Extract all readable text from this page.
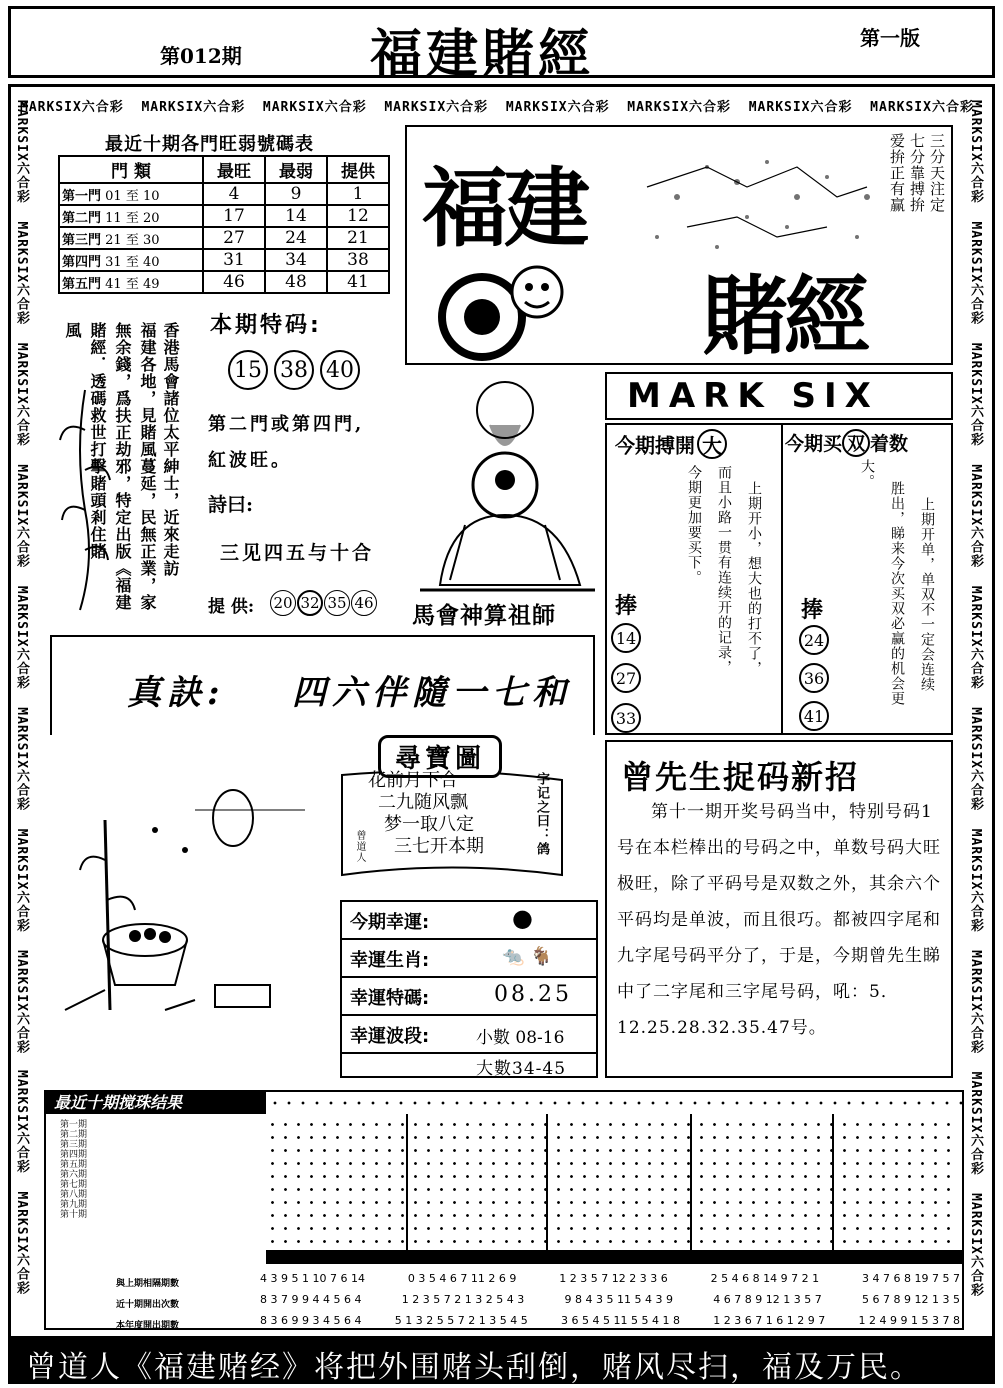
第012期 福建賭經	第一版
MARKSIX六合彩 MARKSIX六合彩 MARKSIX六合彩 MARKSIX六合彩 MARKSIX六合彩 MARKSIX六合彩 MARKSIX六合彩 MARKSIX六合彩
MARKSIX六合彩  MARKSIX六合彩  MARKSIX六合彩  MARKSIX六合彩  MARKSIX六合彩  MARKSIX六合彩  MARKSIX六合彩  MARKSIX六合彩
MARKSIX六合彩  MARKSIX六合彩  MARKSIX六合彩  MARKSIX六合彩  MARKSIX六合彩  MARKSIX六合彩  MARKSIX六合彩  MARKSIX六合彩  MARKSIX六合彩  MARKSIX六合彩
MARKSIX六合彩  MARKSIX六合彩
最近十期各門旺弱號碼表
門 類	最旺	最弱	提供
第一門 01 至 10	4	9	1
第二門 11 至 20	17	14	12
第三門 21 至 30	27	24	21
第四門 31 至 40	31	34	38
第五門 41 至 49	46	48	41
福建
賭經
三分天注定
七分靠搏拚
爱拚正有赢
香港馬會諸位太平紳士，近來走訪
福建各地，見賭風蔓延，民無正業，家
無余錢，爲扶正劫邪，特定出版《福建
賭經．透碼救世打擊賭頭剎住賭
風	本期特码:
15 38 40
第二門或第四門,
紅波旺。
詩曰:
三见四五与十合
提 供: 20 32 35 46 馬會神算祖師
MARK SIX
今期搏開 大
上期开小，想大也的打不了，
而且小路一贯有连续开的记录，
今期更加要买下。
捧
14
27
33
今期买 双 着数
上期开单，单双不一定会连续
胜出，睇来今次买双必赢的机会更
大。
捧
24
36
41
真訣: 四六伴隨一七和
尋寶圖
花前月下合
二九随风飘
梦一取八定
三七开本期	字记之曰：鸽
曾道人
今期幸運:	●
幸運生肖:	🐀 🐐
幸運特碼:	08.25
幸運波段:	小數 08-16
大數34-45
曾先生捉码新招
第十一期开奖号码当中，特别号码1号在本栏棒出的号码之中，单数号码大旺极旺，除了平码号是双数之外，其余六个平码均是单波，而且很巧。都被四字尾和九字尾号码平分了，于是，今期曾先生睇中了二字尾和三字尾号码，吼：5．12.25.28.32.35.47号。
最近十期搅珠结果
第一期
第二期
第三期
第四期
第五期
第六期
第七期
第八期
第九期
第十期
與上期相隔期數
近十期開出次數
本年度開出期數
4 3 9 5 1 10 7 6 14	0 3 5 4 6 7 11 2 6 9	1 2 3 5 7 12 2 3 3 6	2 5 4 6 8 14 9 7 2 1	3 4 7 6 8 19 7 5 7
8 3 7 9 9 4 4 5 6 4	1 2 3 5 7 2 1 3 2 5 4 3	9 8 4 3 5 11 5 4 3 9	4 6 7 8 9 12 1 3 5 7	5 6 7 8 9 12 1 3 5
8 3 6 9 9 3 4 5 6 4	5 1 3 2 5 5 7 2 1 3 5 4 5	3 6 5 4 5 11 5 5 4 1 8	1 2 3 6 7 1 6 1 2 9 7	1 2 4 9 9 1 5 3 7 8
曾道人《福建赌经》将把外围赌头刮倒，赌风尽扫，福及万民。
